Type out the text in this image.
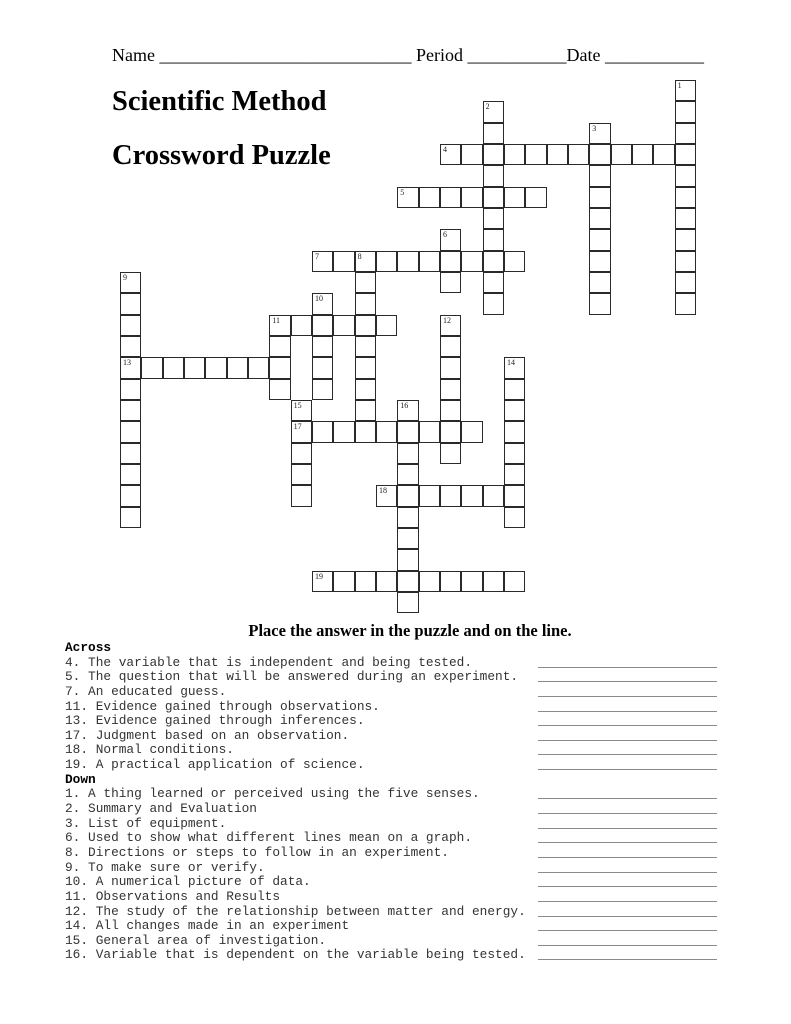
Name ____________________________ Period ___________Date ___________
Scientific Method
Crossword Puzzle
1
2
3
4
5
6
7	8
9
13
10
11	12
14
15
17
16
18
19
Place the answer in the puzzle and on the line.
Across
4. The variable that is independent and being tested.
5. The question that will be answered during an experiment.
7. An educated guess.
11. Evidence gained through observations.
13. Evidence gained through inferences.
17. Judgment based on an observation.
18. Normal conditions.
19. A practical application of science.
Down
1. A thing learned or perceived using the five senses.
2. Summary and Evaluation
3. List of equipment.
6. Used to show what different lines mean on a graph.
8. Directions or steps to follow in an experiment.
9. To make sure or verify.
10. A numerical picture of data.
11. Observations and Results
12. The study of the relationship between matter and energy.
14. All changes made in an experiment
15. General area of investigation.
16. Variable that is dependent on the variable being tested.
